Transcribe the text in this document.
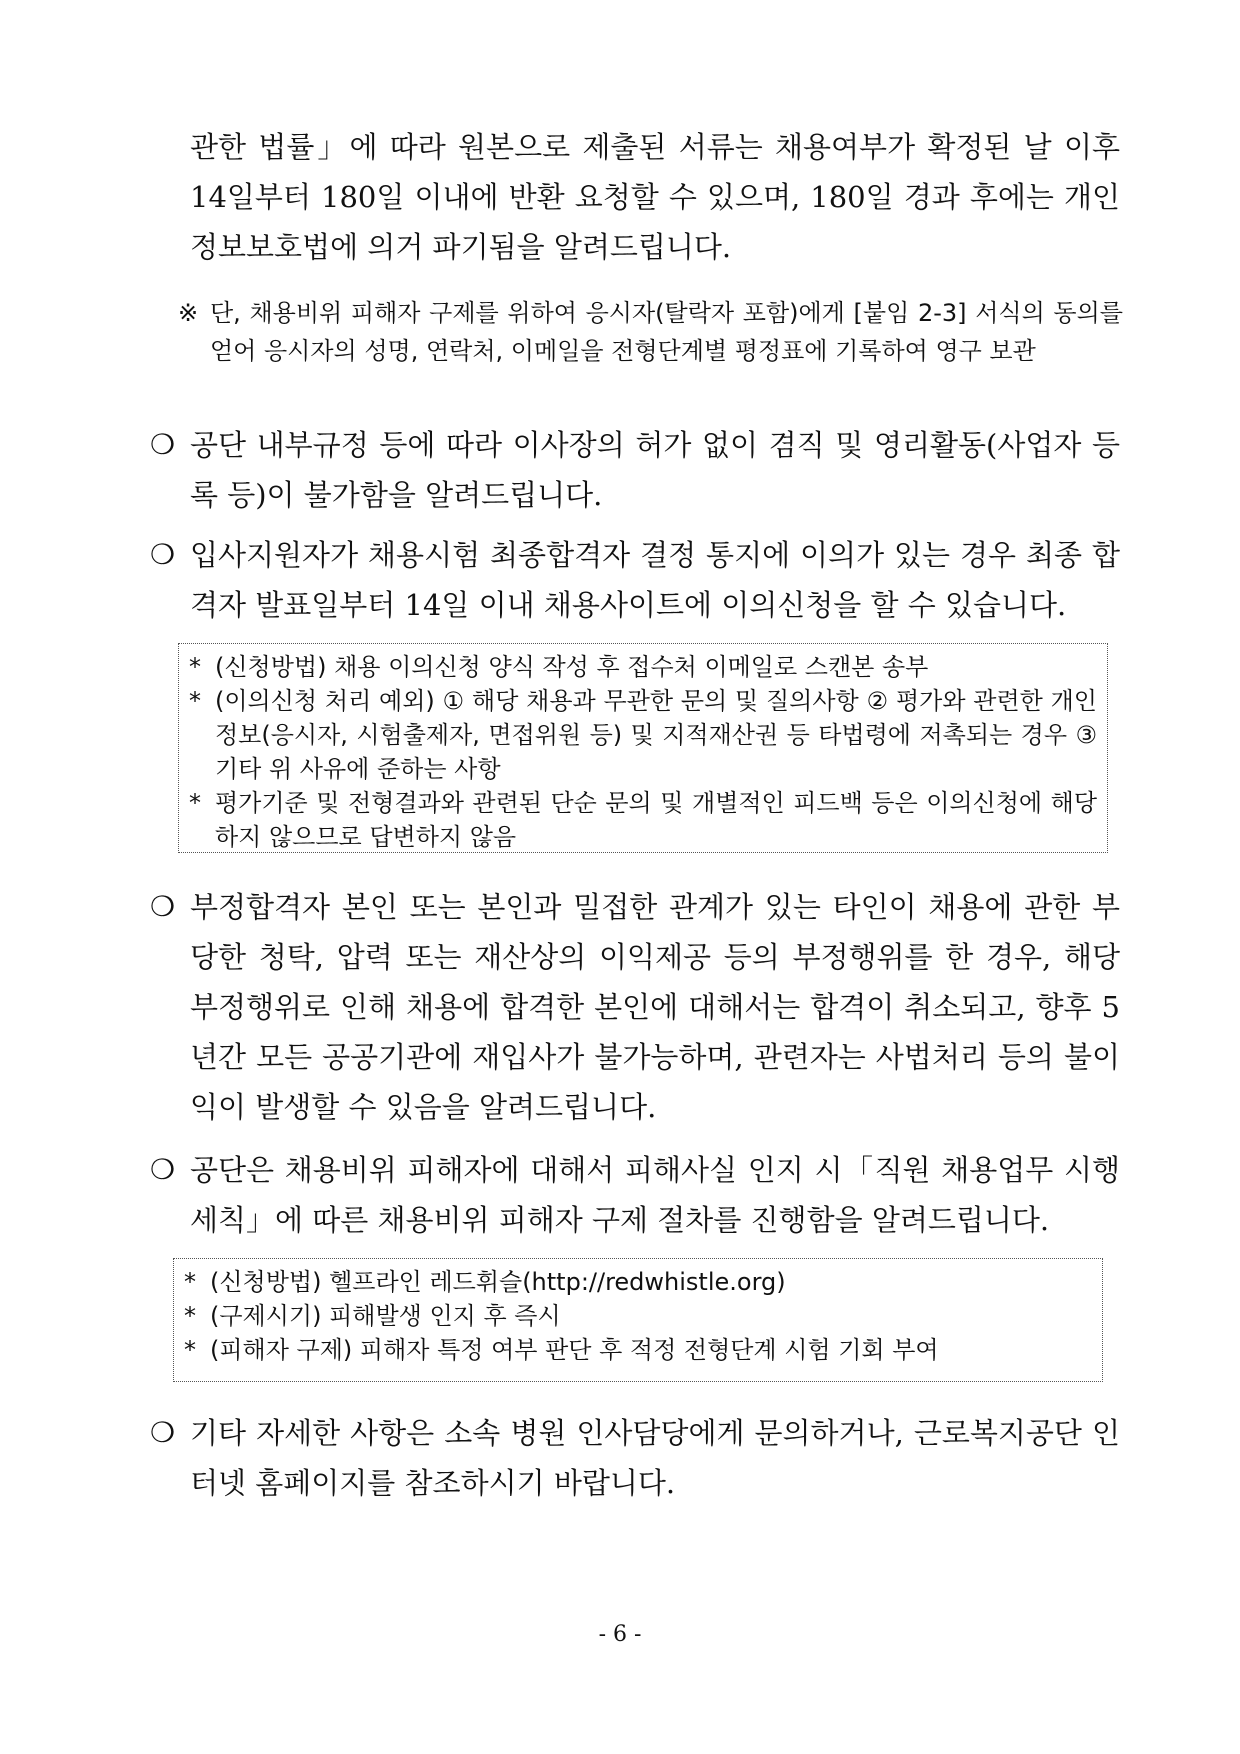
관한 법률」에 따라 원본으로 제출된 서류는 채용여부가 확정된 날 이후 14일부터 180일 이내에 반환 요청할 수 있으며, 180일 경과 후에는 개인정보보호법에 의거 파기됨을 알려드립니다.

※ 단, 채용비위 피해자 구제를 위하여 응시자(탈락자 포함)에게 [붙임 2-3] 서식의 동의를 얻어 응시자의 성명, 연락처, 이메일을 전형단계별 평정표에 기록하여 영구 보관
❍ 공단 내부규정 등에 따라 이사장의 허가 없이 겸직 및 영리활동(사업자 등록 등)이 불가함을 알려드립니다.
❍ 입사지원자가 채용시험 최종합격자 결정 통지에 이의가 있는 경우 최종 합격자 발표일부터 14일 이내 채용사이트에 이의신청을 할 수 있습니다.
* (신청방법) 채용 이의신청 양식 작성 후 접수처 이메일로 스캔본 송부
* (이의신청 처리 예외) ① 해당 채용과 무관한 문의 및 질의사항 ② 평가와 관련한 개인정보(응시자, 시험출제자, 면접위원 등) 및 지적재산권 등 타법령에 저촉되는 경우 ③ 기타 위 사유에 준하는 사항
* 평가기준 및 전형결과와 관련된 단순 문의 및 개별적인 피드백 등은 이의신청에 해당하지 않으므로 답변하지 않음
❍ 부정합격자 본인 또는 본인과 밀접한 관계가 있는 타인이 채용에 관한 부당한 청탁, 압력 또는 재산상의 이익제공 등의 부정행위를 한 경우, 해당 부정행위로 인해 채용에 합격한 본인에 대해서는 합격이 취소되고, 향후 5년간 모든 공공기관에 재입사가 불가능하며, 관련자는 사법처리 등의 불이익이 발생할 수 있음을 알려드립니다.
❍ 공단은 채용비위 피해자에 대해서 피해사실 인지 시「직원 채용업무 시행세칙」에 따른 채용비위 피해자 구제 절차를 진행함을 알려드립니다.
* (신청방법) 헬프라인 레드휘슬(http://redwhistle.org)
* (구제시기) 피해발생 인지 후 즉시
* (피해자 구제) 피해자 특정 여부 판단 후 적정 전형단계 시험 기회 부여
❍ 기타 자세한 사항은 소속 병원 인사담당에게 문의하거나, 근로복지공단 인터넷 홈페이지를 참조하시기 바랍니다.
- 6 -
